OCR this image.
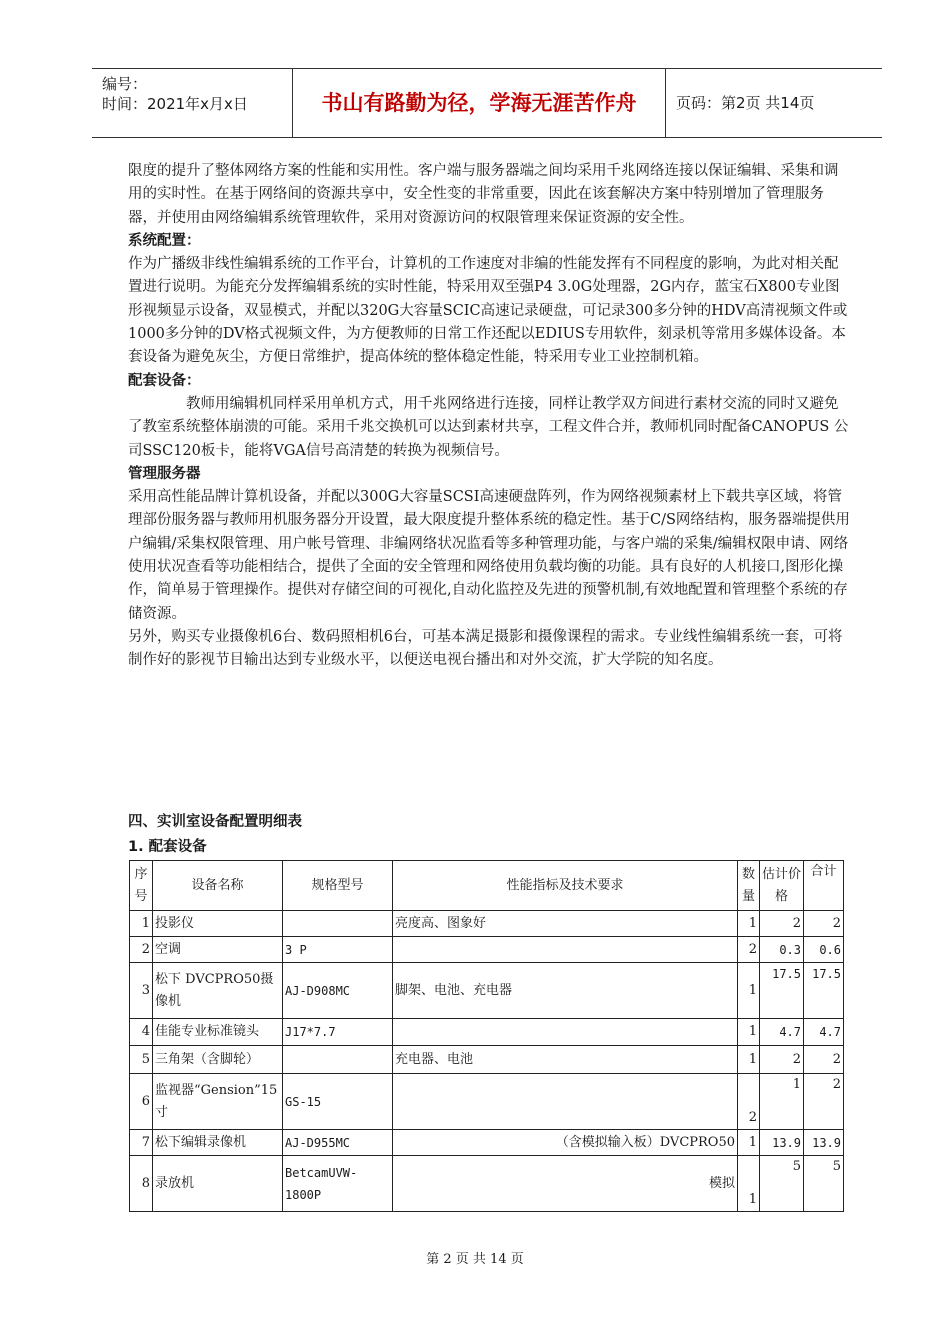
编号：
时间：2021年x月x日	书山有路勤为径，学海无涯苦作舟	页码：第2页 共14页

限度的提升了整体网络方案的性能和实用性。客户端与服务器端之间均采用千兆网络连接以保证编辑、采集和调用的实时性。在基于网络间的资源共享中，安全性变的非常重要，因此在该套解决方案中特别增加了管理服务器，并使用由网络编辑系统管理软件，采用对资源访问的权限管理来保证资源的安全性。

系统配置：

作为广播级非线性编辑系统的工作平台，计算机的工作速度对非编的性能发挥有不同程度的影响，为此对相关配置进行说明。为能充分发挥编辑系统的实时性能，特采用双至强P4 3.0G处理器，2G内存，蓝宝石X800专业图形视频显示设备，双显模式，并配以320G大容量SCIC高速记录硬盘，可记录300多分钟的HDV高清视频文件或1000多分钟的DV格式视频文件，为方便教师的日常工作还配以EDIUS专用软件，刻录机等常用多媒体设备。本套设备为避免灰尘，方便日常维护，提高体统的整体稳定性能，特采用专业工业控制机箱。

配套设备：

教师用编辑机同样采用单机方式，用千兆网络进行连接，同样让教学双方间进行素材交流的同时又避免了教室系统整体崩溃的可能。采用千兆交换机可以达到素材共享，工程文件合并，教师机同时配备CANOPUS 公司SSC120板卡，能将VGA信号高清楚的转换为视频信号。

管理服务器

采用高性能品牌计算机设备，并配以300G大容量SCSI高速硬盘阵列，作为网络视频素材上下载共享区域，将管理部份服务器与教师用机服务器分开设置，最大限度提升整体系统的稳定性。基于C/S网络结构，服务器端提供用户编辑/采集权限管理、用户帐号管理、非编网络状况监看等多种管理功能，与客户端的采集/编辑权限申请、网络使用状况查看等功能相结合，提供了全面的安全管理和网络使用负载均衡的功能。具有良好的人机接口,图形化操作，简单易于管理操作。提供对存储空间的可视化,自动化监控及先进的预警机制,有效地配置和管理整个系统的存储资源。

另外，购买专业摄像机6台、数码照相机6台，可基本满足摄影和摄像课程的需求。专业线性编辑系统一套，可将制作好的影视节目输出达到专业级水平，以便送电视台播出和对外交流，扩大学院的知名度。

四、实训室设备配置明细表
1. 配套设备
序号	设备名称	规格型号	性能指标及技术要求	数量	估计价格	合计
1	投影仪		亮度高、图象好	1	2	2
2	空调	3 P		2	0.3	0.6
3	松下 DVCPRO50摄像机	AJ-D908MC	脚架、电池、充电器	1	17.5	17.5
4	佳能专业标准镜头	J17*7.7		1	4.7	4.7
5	三角架（含脚轮）		充电器、电池	1	2	2
6	监视器“Gension”15寸	GS-15		2	1	2
7	松下编辑录像机	AJ-D955MC	（含模拟输入板）DVCPRO50	1	13.9	13.9
8	录放机	BetcamUVW-1800P	模拟	1	5	5
第 2 页 共 14 页
